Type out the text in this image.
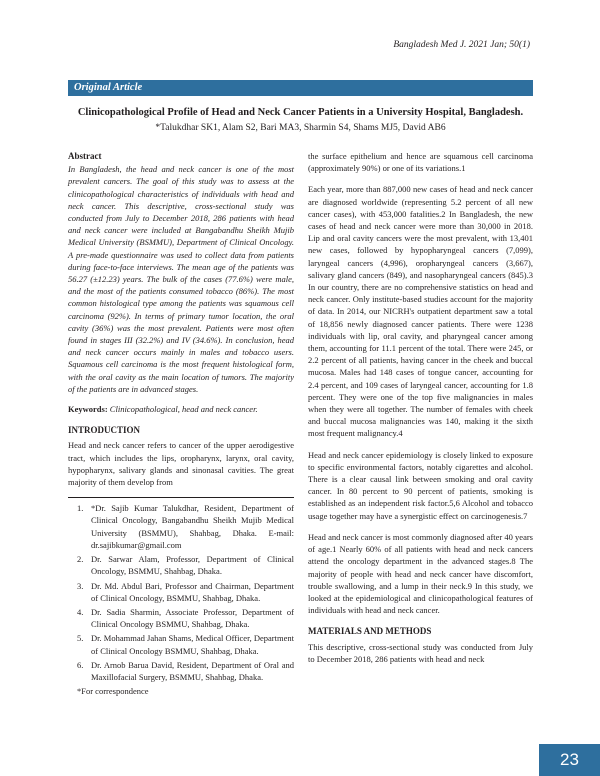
Bangladesh Med J. 2021 Jan; 50(1)
Original Article
Clinicopathological Profile of Head and Neck Cancer Patients in a University Hospital, Bangladesh.
*Talukdhar SK1, Alam S2, Bari MA3, Sharmin S4, Shams MJ5, David AB6
Abstract

In Bangladesh, the head and neck cancer is one of the most prevalent cancers. The goal of this study was to assess at the clinicopathological characteristics of individuals with head and neck cancer. This descriptive, cross-sectional study was conducted from July to December 2018, 286 patients with head and neck cancer were included at Bangabandhu Sheikh Mujib Medical University (BSMMU), Department of Clinical Oncology. A pre-made questionnaire was used to collect data from patients during face-to-face interviews. The mean age of the patients was 56.27 (±12.23) years. The bulk of the cases (77.6%) were male, and the most of the patients consumed tobacco (86%). The most common histological type among the patients was squamous cell carcinoma (92%). In terms of primary tumor location, the oral cavity (36%) was the most prevalent. Patients were most often found in stages III (32.2%) and IV (34.6%). In conclusion, head and neck cancer occurs mainly in males and tobacco users. Squamous cell carcinoma is the most frequent histological form, with the oral cavity as the main location of tumors. The majority of the patients are in advanced stages.

Keywords: Clinicopathological, head and neck cancer.

INTRODUCTION

Head and neck cancer refers to cancer of the upper aerodigestive tract, which includes the lips, oropharynx, larynx, oral cavity, hypopharynx, salivary glands and sinonasal cavities. The great majority of them develop from

1. *Dr. Sajib Kumar Talukdhar, Resident, Department of Clinical Oncology, Bangabandhu Sheikh Mujib Medical University (BSMMU), Shahbag, Dhaka. E-mail: dr.sajibkumar@gmail.com
2. Dr. Sarwar Alam, Professor, Department of Clinical Oncology, BSMMU, Shahbag, Dhaka.
3. Dr. Md. Abdul Bari, Professor and Chairman, Department of Clinical Oncology, BSMMU, Shahbag, Dhaka.
4. Dr. Sadia Sharmin, Associate Professor, Department of Clinical Oncology BSMMU, Shahbag, Dhaka.
5. Dr. Mohammad Jahan Shams, Medical Officer, Department of Clinical Oncology BSMMU, Shahbag, Dhaka.
6. Dr. Arnob Barua David, Resident, Department of Oral and Maxillofacial Surgery, BSMMU, Shahbag, Dhaka.
*For correspondence

the surface epithelium and hence are squamous cell carcinoma (approximately 90%) or one of its variations.1

Each year, more than 887,000 new cases of head and neck cancer are diagnosed worldwide (representing 5.2 percent of all new cancer cases), with 453,000 fatalities.2 In Bangladesh, the new cases of head and neck cancer were more than 30,000 in 2018. Lip and oral cavity cancers were the most prevalent, with 13,401 new cases, followed by hypopharyngeal cancers (7,099), laryngeal cancers (4,996), oropharyngeal cancers (3,667), salivary gland cancers (849), and nasopharyngeal cancers (845).3 In our country, there are no comprehensive statistics on head and neck cancer. Only institute-based studies account for the majority of data. In 2014, our NICRH's outpatient department saw a total of 18,856 newly diagnosed cancer patients. There were 1238 individuals with lip, oral cavity, and pharyngeal cancer among them, accounting for 11.1 percent of the total. There were 245, or 2.2 percent of all patients, having cancer in the cheek and buccal mucosa. Males had 148 cases of tongue cancer, accounting for 2.4 percent, and 109 cases of laryngeal cancer, accounting for 1.8 percent. They were one of the top five malignancies in males when they were all together. The number of females with cheek and buccal mucosa malignancies was 140, making it the sixth most frequent malignancy.4

Head and neck cancer epidemiology is closely linked to exposure to specific environmental factors, notably cigarettes and alcohol. There is a clear causal link between smoking and oral cavity cancer. In 80 percent to 90 percent of patients, smoking is established as an independent risk factor.5,6 Alcohol and tobacco usage together may have a synergistic effect on carcinogenesis.7

Head and neck cancer is most commonly diagnosed after 40 years of age.1 Nearly 60% of all patients with head and neck cancers attend the oncology department in the advanced stages.8 The majority of people with head and neck cancer have discomfort, trouble swallowing, and a lump in their neck.9 In this study, we looked at the epidemiological and clinicopathological features of individuals with head and neck cancer.

MATERIALS AND METHODS

This descriptive, cross-sectional study was conducted from July to December 2018, 286 patients with head and neck

23
